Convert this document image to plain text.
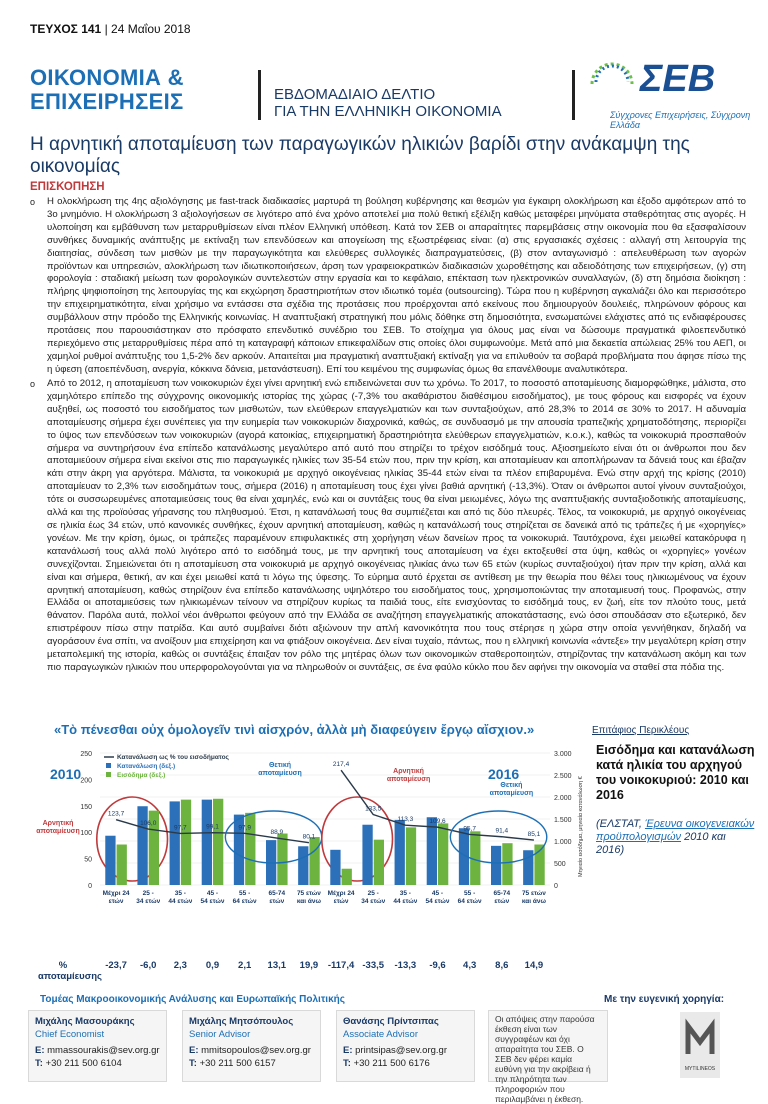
ΤΕΥΧΟΣ 141 | 24 Μαΐου 2018
ΟΙΚΟΝΟΜΙΑ &
ΕΠΙΧΕΙΡΗΣΕΙΣ	ΕΒΔΟΜΑΔΙΑΙΟ ΔΕΛΤΙΟ
ΓΙΑ ΤΗΝ ΕΛΛΗΝΙΚΗ ΟΙΚΟΝΟΜΙΑ
ΣΕΒ
Σύγχρονες Επιχειρήσεις, Σύγχρονη Ελλάδα
Η αρνητική αποταμίευση των παραγωγικών ηλικιών βαρίδι στην ανάκαμψη της οικονομίας
ΕΠΙΣΚΟΠΗΣΗ
o Η ολοκλήρωση της 4ης αξιολόγησης με fast-track διαδικασίες μαρτυρά τη βούληση κυβέρνησης και θεσμών για έγκαιρη ολοκλήρωση και έξοδο αμφότερων από το 3ο μνημόνιο. Η ολοκλήρωση 3 αξιολογήσεων σε λιγότερο από ένα χρόνο αποτελεί μια πολύ θετική εξέλιξη καθώς μεταφέρει μηνύματα σταθερότητας στις αγορές. Η υλοποίηση και εμβάθυνση των μεταρρυθμίσεων είναι πλέον Ελληνική υπόθεση. Κατά τον ΣΕΒ οι απαραίτητες παρεμβάσεις στην οικονομία που θα εξασφαλίσουν συνθήκες δυναμικής ανάπτυξης με εκτίναξη των επενδύσεων και απογείωση της εξωστρέφειας είναι: (α) στις εργασιακές σχέσεις : αλλαγή στη λειτουργία της διαιτησίας, σύνδεση των μισθών με την παραγωγικότητα και ελεύθερες συλλογικές διαπραγματεύσεις, (β) στον ανταγωνισμό : απελευθέρωση των αγορών προϊόντων και υπηρεσιών, αλοκλήρωση των ιδιωτικοποιήσεων, άρση των γραφειοκρατικών διαδικασιών χωροθέτησης και αδειοδότησης των επιχειρήσεων, (γ) στη φορολογία : σταδιακή μείωση των φορολογικών συντελεστών στην εργασία και το κεφάλαιο, επέκταση των ηλεκτρονικών συναλλαγών, (δ) στη δημόσια διοίκηση : πλήρης ψηφιοποίηση της λειτουργίας της και εκχώρηση δραστηριοτήτων στον ιδιωτικό τομέα (outsourcing). Τώρα που η κυβέρνηση αγκαλιάζει όλο και περισσότερο την επιχειρηματικότητα, είναι χρήσιμο να εντάσσει στα σχέδια της προτάσεις που προέρχονται από εκείνους που δημιουργούν δουλειές, πληρώνουν φόρους και συμβάλλουν στην πρόοδο της Ελληνικής κοινωνίας. Η αναπτυξιακή στρατηγική που μόλις δόθηκε στη δημοσιότητα, ενσωματώνει ελάχιστες από τις ενδιαφέρουσες προτάσεις που παρουσιάστηκαν στο πρόσφατο επενδυτικό συνέδριο του ΣΕΒ. Το στοίχημα για όλους μας είναι να δώσουμε πραγματικά φιλοεπενδυτικό περιεχόμενο στις μεταρρυθμίσεις πέρα από τη καταγραφή κάποιων επικεφαλίδων στις οποίες όλοι συμφωνούμε. Μετά από μια δεκαετία απώλειας 25% του ΑΕΠ, οι χαμηλοί ρυθμοί ανάπτυξης του 1,5-2% δεν αρκούν. Απαιτείται μια πραγματική αναπτυξιακή εκτίναξη για να επιλυθούν τα σοβαρά προβλήματα που άφησε πίσω της η ύφεση (αποεπένδυση, ανεργία, κόκκινα δάνεια, μετανάστευση). Επί του κειμένου της συμφωνίας όμως θα επανέλθουμε αναλυτικότερα.
o Από το 2012, η αποταμίευση των νοικοκυριών έχει γίνει αρνητική ενώ επιδεινώνεται συν τω χρόνω. Το 2017, το ποσοστό αποταμίευσης διαμορφώθηκε, μάλιστα, στο χαμηλότερο επίπεδο της σύγχρονης οικονομικής ιστορίας της χώρας (-7,3% του ακαθάριστου διαθέσιμου εισοδήματος), με τους φόρους και εισφορές να έχουν αυξηθεί, ως ποσοστό του εισοδήματος των μισθωτών, των ελεύθερων επαγγελματιών και των συνταξιούχων, από 28,3% το 2014 σε 30% το 2017. Η αδυναμία αποταμίευσης σήμερα έχει συνέπειες για την ευημερία των νοικοκυριών διαχρονικά, καθώς, σε συνδυασμό με την απουσία τραπεζικής χρηματοδότησης, περιορίζει το ύψος των επενδύσεων των νοικοκυριών (αγορά κατοικίας, επιχειρηματική δραστηριότητα ελεύθερων επαγγελματιών, κ.ο.κ.), καθώς τα νοικοκυριά προσπαθούν σήμερα να συντηρήσουν ένα επίπεδο κατανάλωσης μεγαλύτερο από αυτό που στηρίζει το τρέχον εισόδημά τους. Αξιοσημείωτο είναι ότι οι άνθρωποι που δεν αποταμιεύουν σήμερα είναι εκείνοι στις πιο παραγωγικές ηλικίες των 35-54 ετών που, πριν την κρίση, και αποταμίευαν και αποπλήρωναν τα δάνειά τους και έβαζαν κάτι στην άκρη για αργότερα. Μάλιστα, τα νοικοκυριά με αρχηγό οικογένειας ηλικίας 35-44 ετών είναι τα πλέον επιβαρυμένα. Ενώ στην αρχή της κρίσης (2010) αποταμίευαν το 2,3% των εισοδημάτων τους, σήμερα (2016) η αποταμίευση τους έχει γίνει βαθιά αρνητική (-13,3%). Όταν οι άνθρωποι αυτοί γίνουν συνταξιούχοι, τότε οι συσσωρευμένες αποταμιεύσεις τους θα είναι χαμηλές, ενώ και οι συντάξεις τους θα είναι μειωμένες, λόγω της αναπτυξιακής συνταξιοδοτικής αποταμίευσης, αλλά και της προϊούσας γήρανσης του πληθυσμού. Έτσι, η κατανάλωσή τους θα συμπιέζεται και από τις δύο πλευρές. Τέλος, τα νοικοκυριά, με αρχηγό οικογένειας σε ηλικία έως 34 ετών, υπό κανονικές συνθήκες, έχουν αρνητική αποταμίευση, καθώς η κατανάλωσή τους στηρίζεται σε δανεικά από τις τράπεζες ή με «χορηγίες» γονέων. Με την κρίση, όμως, οι τράπεζες παραμένουν επιφυλακτικές στη χορήγηση νέων δανείων προς τα νοικοκυριά. Ταυτόχρονα, έχει μειωθεί κατακόρυφα η κατανάλωσή τους αλλά πολύ λιγότερο από το εισόδημά τους, με την αρνητική τους αποταμίευση να έχει εκτοξευθεί στα ύψη, καθώς οι «χορηγίες» γονέων συνεχίζονται. Σημειώνεται ότι η αποταμίευση στα νοικοκυριά με αρχηγό οικογένειας ηλικίας άνω των 65 ετών (κυρίως συνταξιούχοι) ήταν πριν την κρίση, αλλά και είναι και σήμερα, θετική, αν και έχει μειωθεί κατά τι λόγω της ύφεσης. Το εύρημα αυτό έρχεται σε αντίθεση με την θεωρία που θέλει τους ηλικιωμένους να έχουν αρνητική αποταμίευση, καθώς στηρίζουν ένα επίπεδο κατανάλωσης υψηλότερο του εισοδήματος τους, χρησιμοποιώντας την αποταμιευσή τους. Προφανώς, στην Ελλάδα οι αποταμιεύσεις των ηλικιωμένων τείνουν να στηρίζουν κυρίως τα παιδιά τους, είτε ενισχύοντας το εισόδημά τους, εν ζωή, είτε τον πλούτο τους, μετά θάνατον. Παρόλα αυτά, πολλοί νέοι άνθρωποι φεύγουν από την Ελλάδα σε αναζήτηση επαγγελματικής αποκατάστασης, ενώ όσοι σπουδάσαν στο εξωτερικό, δεν επιστρέφουν πίσω στην πατρίδα. Και αυτό συμβαίνει διότι αξιώνουν την απλή κανονικότητα που τους στέρησε η χώρα στην οποία γεννήθηκαν, δηλαδή να αγοράσουν ένα σπίτι, να ανοίξουν μια επιχείρηση και να φτιάξουν οικογένεια. Δεν είναι τυχαίο, πάντως, που η ελληνική κοινωνία «άντεξε» την μεγαλύτερη κρίση στην μεταπολεμική της ιστορία, καθώς οι συντάξεις έπαιξαν τον ρόλο της μητέρας όλων των οικονομικών σταθεροποιητών, στηρίζοντας την κατανάλωση ακόμη και των πιο παραγωγικών ηλικιών που υπερφορολογούνται για να πληρωθούν οι συντάξεις, σε ένα φαύλο κύκλο που δεν αφήνει την οικονομία να σταθεί στα πόδια της.
«Τὸ πένεσθαι οὐχ ὁμολογεῖν τινὶ αἰσχρόν, ἀλλὰ μὴ διαφεύγειν ἔργῳ αἴσχιον.»	Επιτάφιος Περικλέους
250
200
150
100
50
0
3.000
2.500
2.000
1.500
1.000
500
0
Μηνιαίο εισόδημα, μηνιαία κατανάλωση €
Κατανάλωση ως % του εισοδήματος
Κατανάλωση (δεξ.)
Εισόδημα (δεξ.)
2010
123,7
Μέχρι 24
ετών
106,0
25 -
34 ετών
97,7
35 -
44 ετών
99,1
45 -
54 ετών
97,9
55 -
64 ετών
88,9
65-74
ετών
80,1
75 ετών
και άνω
Αρνητική
αποταμίευση
Θετική
αποταμίευση	2016
217,4
Μέχρι 24
ετών
133,5
25 -
34 ετών
113,3
35 -
44 ετών
109,6
45 -
54 ετών
95,7
55 -
64 ετών
91,4
65-74
ετών
85,1
75 ετών
και άνω
Αρνητική
αποταμίευση
Θετική
αποταμίευση
Εισόδημα και κατανάλωση κατά ηλικία του αρχηγού του νοικοκυριού: 2010 και 2016
(ΕΛΣΤΑΤ, Έρευνα οικογενειακών προϋπολογισμών 2010 και 2016)
% αποταμίευσης
-23,7	-6,0	2,3	0,9	2,1	13,1	19,9	-117,4 -33,5	-13,3	-9,6	4,3	8,6	14,9
Τομέας Μακροοικονομικής Ανάλυσης και Ευρωπαϊκής Πολιτικής	Με την ευγενική χορηγία:
Μιχάλης Μασουράκης
Chief Economist
E: mmassourakis@sev.org.gr
T: +30 211 500 6104
Μιχάλης Μητσόπουλος
Senior Advisor
E: mmitsopoulos@sev.org.gr
T: +30 211 500 6157
Θανάσης Πρίντσιπας
Associate Advisor
E: printsipas@sev.org.gr
T: +30 211 500 6176
Οι απόψεις στην παρούσα έκθεση είναι των συγγραφέων και όχι απαραίτητα του ΣΕΒ. Ο ΣΕΒ δεν φέρει καμία ευθύνη για την ακρίβεια ή την πληρότητα των πληροφοριών που περιλαμβάνει η έκθεση.
MYTILINEOS
